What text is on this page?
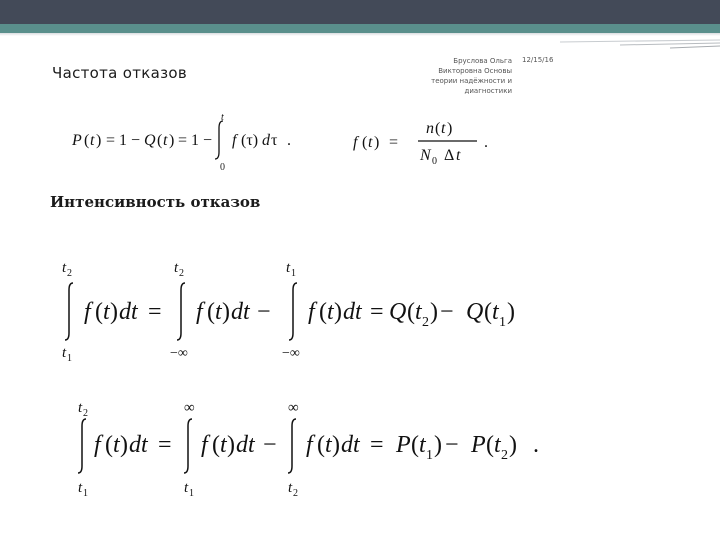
Частота отказов
Бруслова Ольга Викторовна Основы теории надёжности и диагностики
12/15/16
Интенсивность отказов
P ( t ) = 1 − Q ( t ) = 1 −
t
0
f (τ) d τ .	f ( t ) =
n ( t )
N 0 Δ t
.
t 2
t 1
f ( t ) dt =
t 2
−∞
f ( t ) dt −
t 1
−∞
f ( t ) dt = Q ( t 2 ) − Q ( t 1 )
t 2
t 1
f ( t ) dt =
∞
t 1
f ( t ) dt −
∞
t 2
f ( t ) dt = P ( t 1 ) − P ( t 2 ) .
